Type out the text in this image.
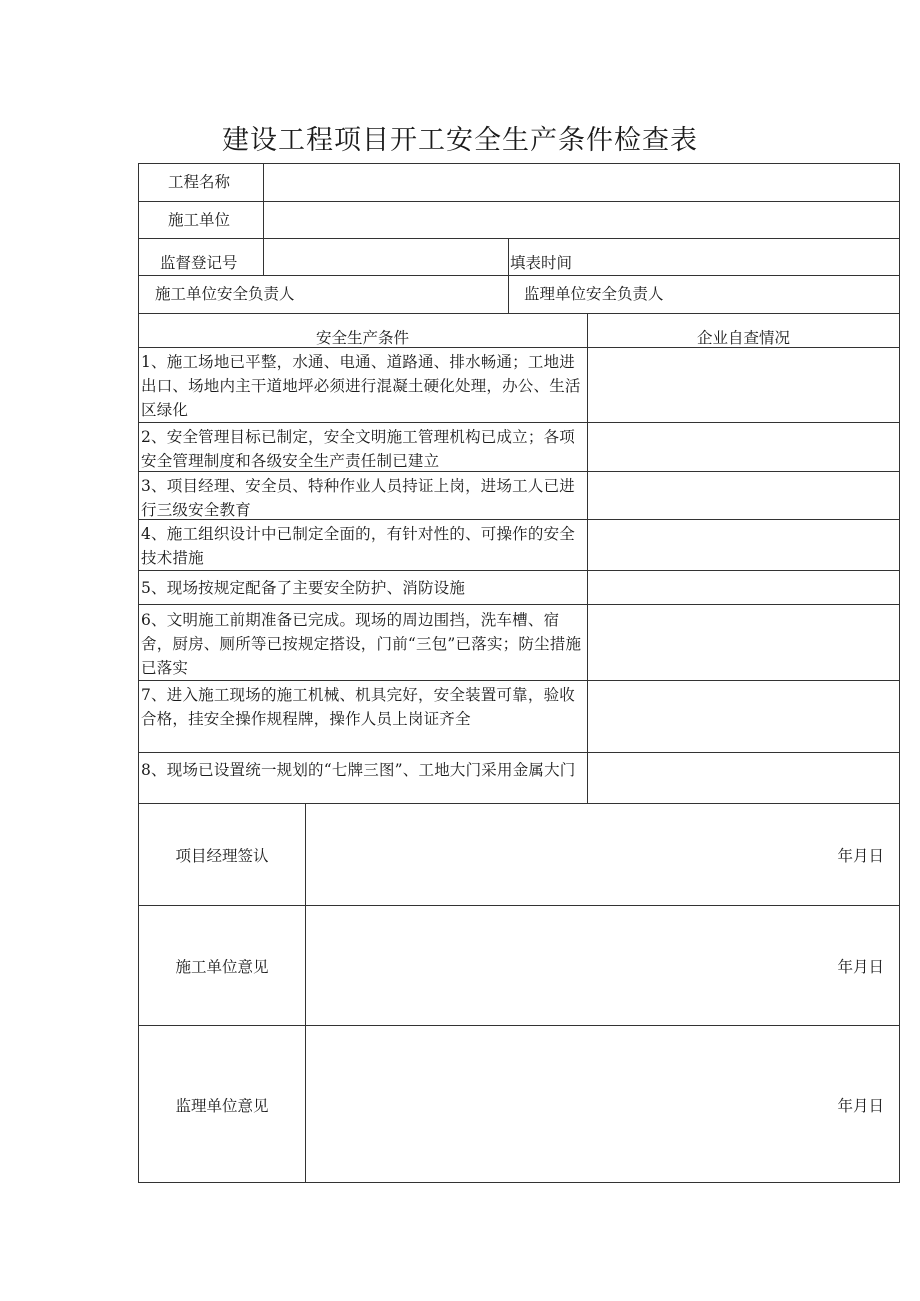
建设工程项目开工安全生产条件检查表
工程名称
施工单位
监督登记号	填表时间
施工单位安全负责人	监理单位安全负责人
安全生产条件	企业自查情况
1、施工场地已平整，水通、电通、道路通、排水畅通；工地进出口、场地内主干道地坪必须进行混凝土硬化处理，办公、生活区绿化
2、安全管理目标已制定，安全文明施工管理机构已成立；各项安全管理制度和各级安全生产责任制已建立
3、项目经理、安全员、特种作业人员持证上岗，进场工人已进行三级安全教育
4、施工组织设计中已制定全面的，有针对性的、可操作的安全技术措施
5、现场按规定配备了主要安全防护、消防设施
6、文明施工前期准备已完成。现场的周边围挡，洗车槽、宿舍，厨房、厕所等已按规定搭设，门前“三包”已落实；防尘措施已落实
7、进入施工现场的施工机械、机具完好，安全装置可靠，验收合格，挂安全操作规程牌，操作人员上岗证齐全
8、现场已设置统一规划的“七牌三图”、工地大门采用金属大门
项目经理签认	年月日
施工单位意见	年月日
监理单位意见	年月日
